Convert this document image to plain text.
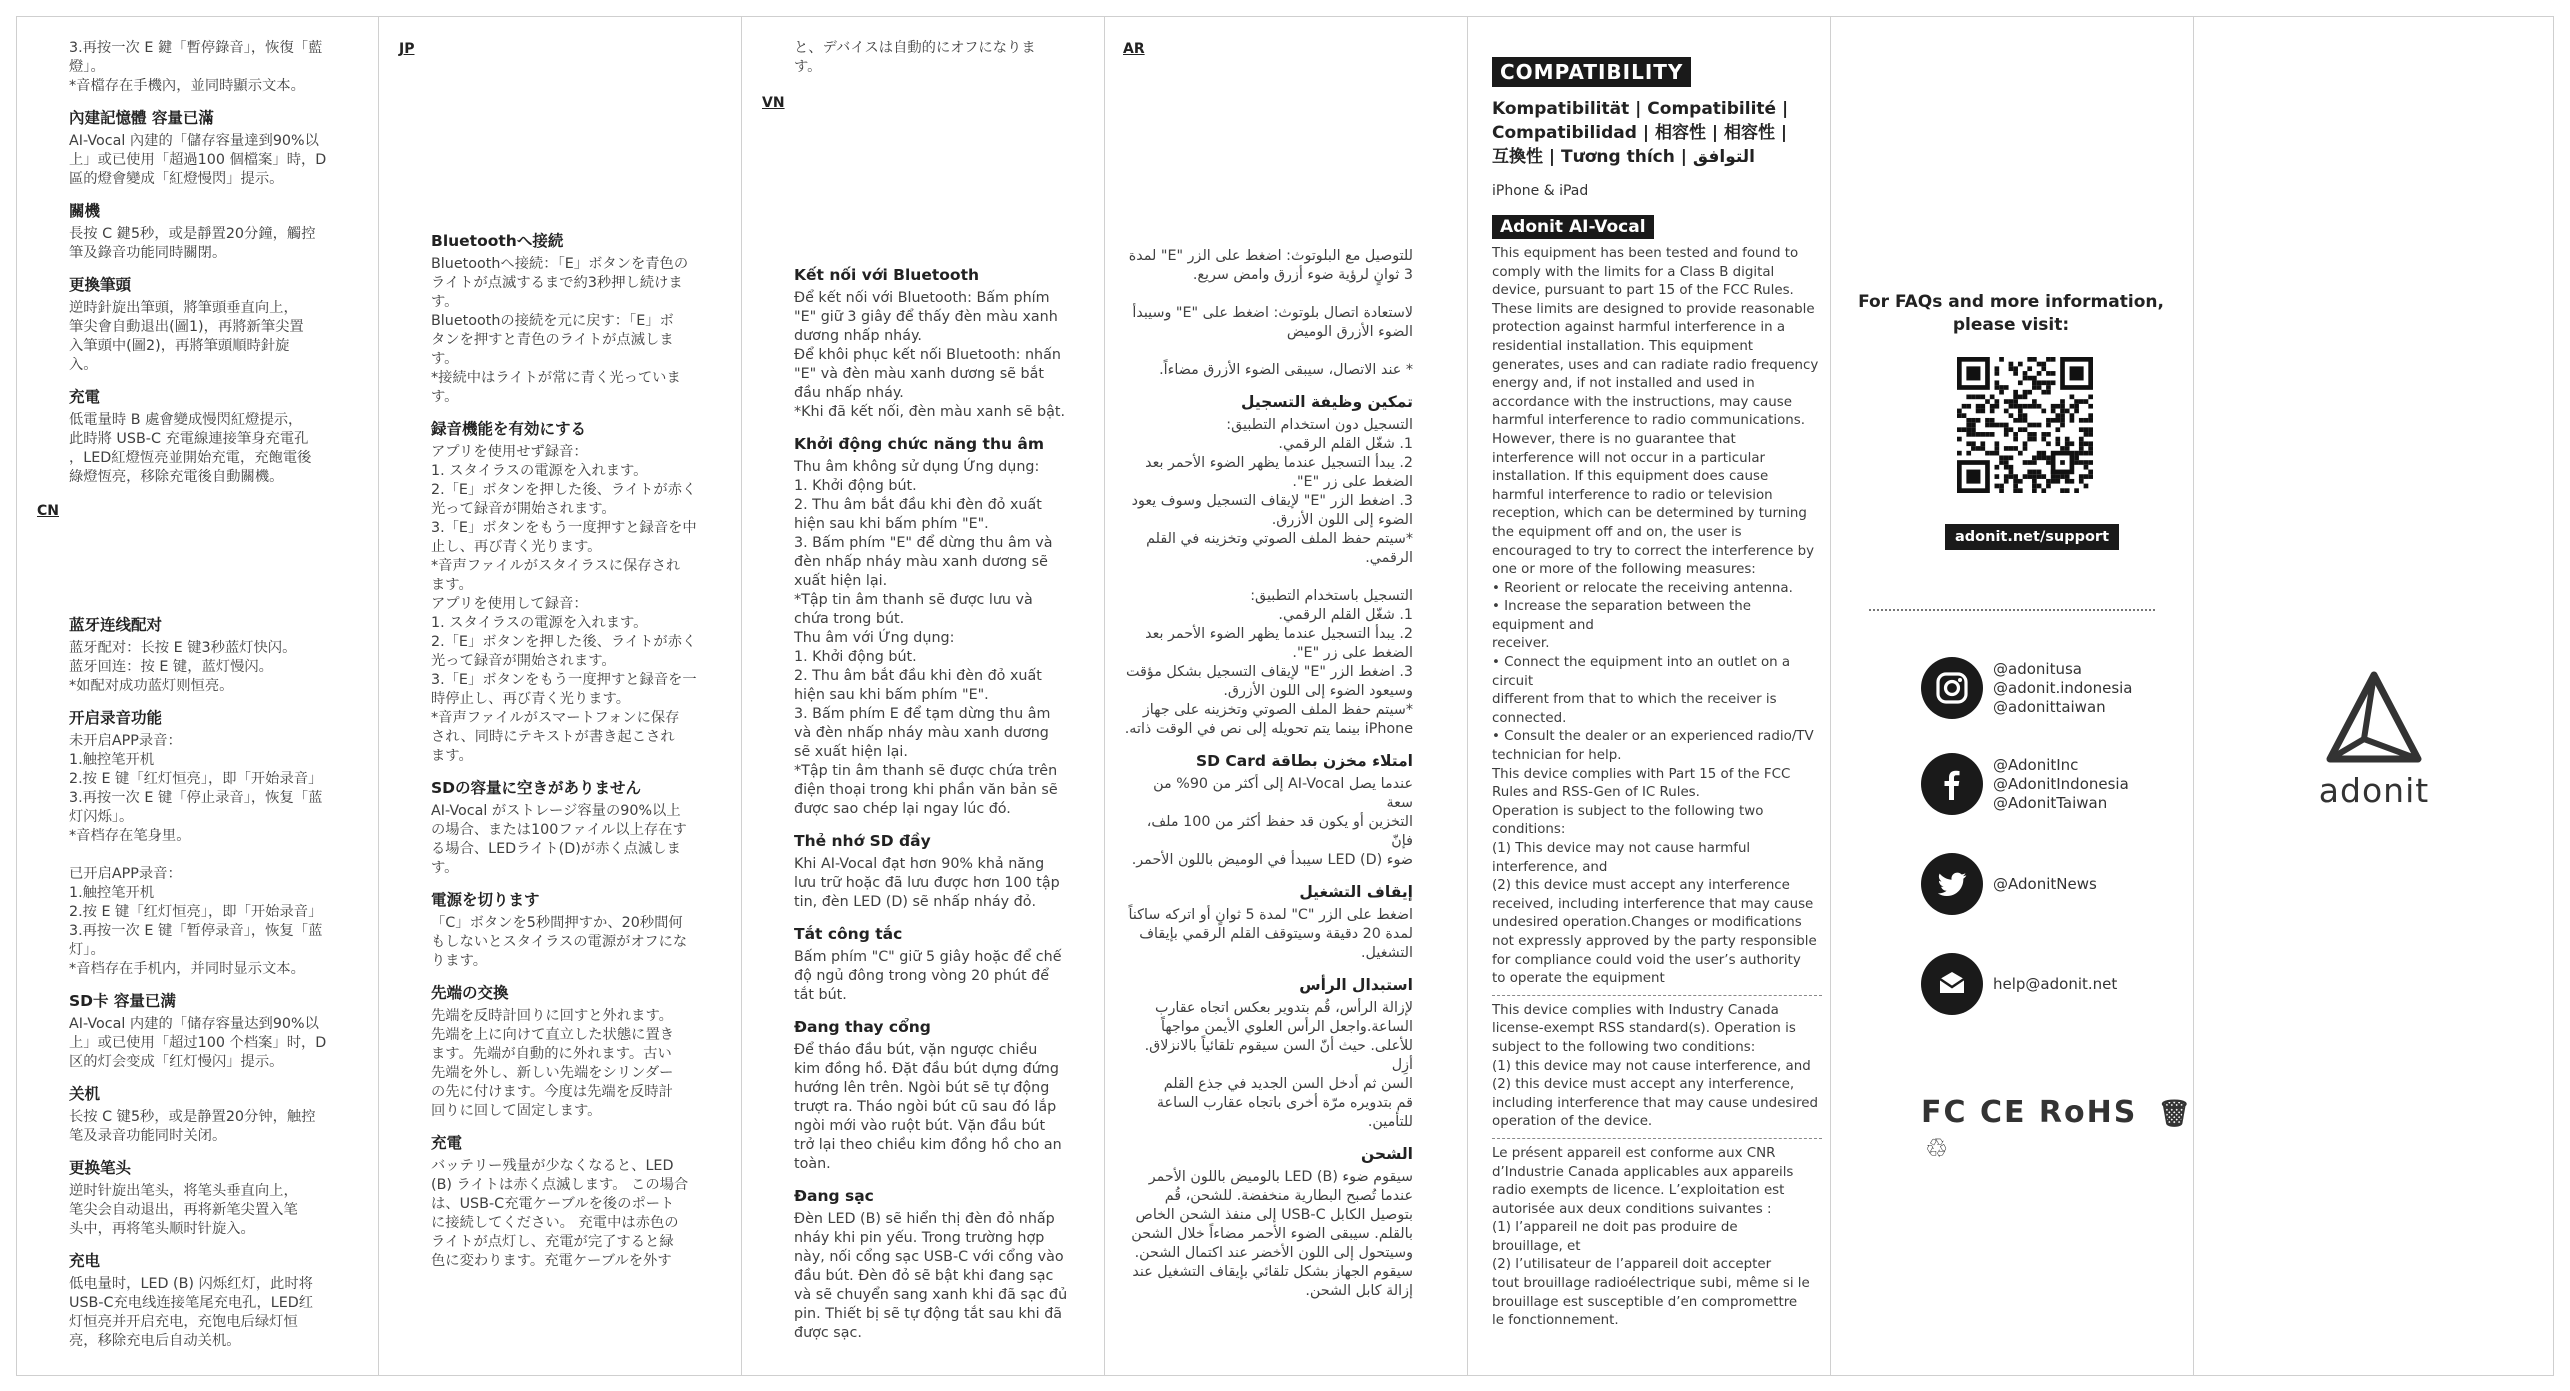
3.再按一次 E 鍵「暫停錄音」，恢復「藍
燈」。
*音檔存在手機內，並同時顯示文本。

內建記憶體 容量已滿

AI-Vocal 內建的「儲存容量達到90%以
上」或已使用「超過100 個檔案」時，D
區的燈會變成「紅燈慢閃」提示。

關機

長按 C 鍵5秒，或是靜置20分鐘，觸控
筆及錄音功能同時關閉。

更換筆頭

逆時針旋出筆頭，將筆頭垂直向上，
筆尖會自動退出(圖1)，再將新筆尖置
入筆頭中(圖2)，再將筆頭順時針旋
入。

充電

低電量時 B 處會變成慢閃紅燈提示，
此時將 USB-C 充電線連接筆身充電孔
，LED紅燈恆亮並開始充電，充飽電後
綠燈恆亮，移除充電後自動關機。

CN
蓝牙连线配对

蓝牙配对：长按 E 键3秒蓝灯快闪。
蓝牙回连：按 E 键，蓝灯慢闪。
*如配对成功蓝灯则恒亮。

开启录音功能

未开启APP录音：
1.触控笔开机
2.按 E 键「红灯恒亮」，即「开始录音」
3.再按一次 E 键「停止录音」，恢复「蓝
灯闪烁」。
*音档存在笔身里。

已开启APP录音：
1.触控笔开机
2.按 E 键「红灯恒亮」，即「开始录音」
3.再按一次 E 键「暂停录音」，恢复「蓝
灯」。
*音档存在手机内，并同时显示文本。

SD卡 容量已满

AI-Vocal 内建的「储存容量达到90%以
上」或已使用「超过100 个档案」时，D
区的灯会变成「红灯慢闪」提示。

关机

长按 C 键5秒，或是静置20分钟，触控
笔及录音功能同时关闭。

更换笔头

逆时针旋出笔头，将笔头垂直向上，
笔尖会自动退出，再将新笔尖置入笔
头中，再将笔头顺时针旋入。

充电

低电量时，LED (B) 闪烁红灯，此时将
USB-C充电线连接笔尾充电孔，LED红
灯恒亮并开启充电，充饱电后绿灯恒
亮，移除充电后自动关机。

JP
Bluetoothへ接続

Bluetoothへ接続：「E」ボタンを青色の
ライトが点滅するまで約3秒押し続けま
す。
Bluetoothの接続を元に戻す：「E」ボ
タンを押すと青色のライトが点滅しま
す。
*接続中はライトが常に青く光っていま
す。

録音機能を有効にする

アプリを使用せず録音：
1. スタイラスの電源を入れます。
2.「E」ボタンを押した後、ライトが赤く
光って録音が開始されます。
3.「E」ボタンをもう一度押すと録音を中
止し、再び青く光ります。
*音声ファイルがスタイラスに保存され
ます。
アプリを使用して録音：
1. スタイラスの電源を入れます。
2.「E」ボタンを押した後、ライトが赤く
光って録音が開始されます。
3.「E」ボタンをもう一度押すと録音を一
時停止し、再び青く光ります。
*音声ファイルがスマートフォンに保存
され、同時にテキストが書き起こされ
ます。

SDの容量に空きがありません

AI-Vocal がストレージ容量の90%以上
の場合、または100ファイル以上存在す
る場合、LEDライト(D)が赤く点滅しま
す。

電源を切ります

「C」ボタンを5秒間押すか、20秒間何
もしないとスタイラスの電源がオフにな
ります。

先端の交換

先端を反時計回りに回すと外れます。
先端を上に向けて直立した状態に置き
ます。先端が自動的に外れます。古い
先端を外し、新しい先端をシリンダー
の先に付けます。今度は先端を反時計
回りに回して固定します。

充電

バッテリー残量が少なくなると、LED
(B) ライトは赤く点滅します。 この場合
は、USB-C充電ケーブルを後のポート
に接続してください。 充電中は赤色の
ライトが点灯し、充電が完了すると緑
色に変わります。充電ケーブルを外す

と、デバイスは自動的にオフになりま
す。

VN
Kết nối với Bluetooth

Để kết nối với Bluetooth: Bấm phím
"E" giữ 3 giây để thấy đèn màu xanh
dương nhấp nháy.
Để khôi phục kết nối Bluetooth: nhấn
"E" và đèn màu xanh dương sẽ bắt
đầu nhấp nháy.
*Khi đã kết nối, đèn màu xanh sẽ bật.

Khởi động chức năng thu âm

Thu âm không sử dụng Ứng dụng:
1. Khởi động bút.
2. Thu âm bắt đầu khi đèn đỏ xuất
hiện sau khi bấm phím "E".
3. Bấm phím "E" để dừng thu âm và
đèn nhấp nháy màu xanh dương sẽ
xuất hiện lại.
*Tập tin âm thanh sẽ được lưu và
chứa trong bút.
Thu âm với Ứng dụng:
1. Khởi động bút.
2. Thu âm bắt đầu khi đèn đỏ xuất
hiện sau khi bấm phím "E".
3. Bấm phím E để tạm dừng thu âm
và đèn nhấp nháy màu xanh dương
sẽ xuất hiện lại.
*Tập tin âm thanh sẽ được chứa trên
điện thoại trong khi phần văn bản sẽ
được sao chép lại ngay lúc đó.

Thẻ nhớ SD đầy

Khi AI-Vocal đạt hơn 90% khả năng
lưu trữ hoặc đã lưu được hơn 100 tập
tin, đèn LED (D) sẽ nhấp nháy đỏ.

Tắt công tắc

Bấm phím "C" giữ 5 giây hoặc để chế
độ ngủ đông trong vòng 20 phút để
tắt bút.

Đang thay cổng

Để tháo đầu bút, vặn ngược chiều
kim đồng hồ. Đặt đầu bút dựng đứng
hướng lên trên. Ngòi bút sẽ tự động
trượt ra. Tháo ngòi bút cũ sau đó lắp
ngòi mới vào ruột bút. Vặn đầu bút
trở lại theo chiều kim đồng hồ cho an
toàn.

Đang sạc

Đèn LED (B) sẽ hiển thị đèn đỏ nhấp
nháy khi pin yếu. Trong trường hợp
này, nối cổng sạc USB-C với cổng vào
đầu bút. Đèn đỏ sẽ bật khi đang sạc
và sẽ chuyển sang xanh khi đã sạc đủ
pin. Thiết bị sẽ tự động tắt sau khi đã
được sạc.

AR

للتوصيل مع البلوتوث: اضغط على الزر "E" لمدة
3 ثوانٍ لرؤية ضوء أزرق وامض سريع.

لاستعادة اتصال بلوتوث: اضغط على "E" وسيبدأ
الضوء الأزرق الوميض

* عند الاتصال، سيبقى الضوء الأزرق مضاءاً.

تمكين وظيفة التسجيل

التسجيل دون استخدام التطبيق:
1. شغّل القلم الرقمي.
2. يبدأ التسجيل عندما يظهر الضوء الأحمر بعد
الضغط على زر "E".
3. اضغط الزر "E" لإيقاف التسجيل وسوف يعود
الضوء إلى اللون الأزرق.
*سيتم حفظ الملف الصوتي وتخزينه في القلم
الرقمي.

التسجيل باستخدام التطبيق:
1. شغّل القلم الرقمي.
2. يبدأ التسجيل عندما يظهر الضوء الأحمر بعد
الضغط على زر "E".
3. اضغط الزر "E" لإيقاف التسجيل بشكل مؤقت
وسيعود الضوء إلى اللون الأزرق.
*سيتم حفظ الملف الصوتي وتخزينه على جهاز
iPhone بينما يتم تحويله إلى نص في الوقت ذاته.

امتلاء مخزن بطاقة SD Card

عندما يصل AI-Vocal إلى أكثر من 90% من سعة
التخزين أو يكون قد حفظ أكثر من 100 ملف، فإنّ
ضوء (LED (D سيبدأ في الوميض باللون الأحمر.

إيقاف التشغيل

اضغط على الزر "C" لمدة 5 ثوانٍ أو اتركه ساكناً
لمدة 20 دقيقة وسيتوقف القلم الرقمي بإيقاف
التشغيل.

استبدال الرأس

لإزالة الرأس، قُم بتدوير بعكس اتجاه عقارب
الساعة.واجعل الرأس العلوي الأيمن مواجهاً
للأعلى. حيث أنّ السن سيقوم تلقائياً بالانزلاق. أزِل
السن ثم أدخل السن الجديد في جذع القلم
قم بتدويره مرّة أخرى باتجاه عقارب الساعة
للتأمين.

الشحن

سيقوم ضوء (LED (B بالوميض باللون الأحمر
عندما تُصبح البطارية منخفضة. للشحن، قُم
بتوصيل الكابل USB-C إلى منفذ الشحن الخاص
بالقلم. سيبقى الضوء الأحمر مضاءاً خلال الشحن
وسيتحول إلى اللون الأخضر عند اكتمال الشحن.
سيقوم الجهاز بشكل تلقائي بإيقاف التشغيل عند
إزالة كابل الشحن.

COMPATIBILITY
Kompatibilität | Compatibilité |
Compatibilidad | 相容性 | 相容性 |
互換性 | Tương thích | التوافق
iPhone & iPad
Adonit AI-Vocal
This equipment has been tested and found to
comply with the limits for a Class B digital
device, pursuant to part 15 of the FCC Rules.
These limits are designed to provide reasonable
protection against harmful interference in a
residential installation. This equipment
generates, uses and can radiate radio frequency
energy and, if not installed and used in
accordance with the instructions, may cause
harmful interference to radio communications.
However, there is no guarantee that
interference will not occur in a particular
installation. If this equipment does cause
harmful interference to radio or television
reception, which can be determined by turning
the equipment off and on, the user is
encouraged to try to correct the interference by
one or more of the following measures:
• Reorient or relocate the receiving antenna.
• Increase the separation between the
equipment and
receiver.
• Connect the equipment into an outlet on a
circuit
different from that to which the receiver is
connected.
• Consult the dealer or an experienced radio/TV
technician for help.
This device complies with Part 15 of the FCC
Rules and RSS-Gen of IC Rules.
Operation is subject to the following two
conditions:
(1) This device may not cause harmful
interference, and
(2) this device must accept any interference
received, including interference that may cause
undesired operation.Changes or modifications
not expressly approved by the party responsible
for compliance could void the user’s authority
to operate the equipment
This device complies with Industry Canada
license-exempt RSS standard(s). Operation is
subject to the following two conditions:
(1) this device may not cause interference, and
(2) this device must accept any interference,
including interference that may cause undesired
operation of the device.
Le présent appareil est conforme aux CNR
d’Industrie Canada applicables aux appareils
radio exempts de licence. L’exploitation est
autorisée aux deux conditions suivantes :
(1) l’appareil ne doit pas produire de
brouillage, et
(2) l’utilisateur de l’appareil doit accepter
tout brouillage radioélectrique subi, même si le
brouillage est susceptible d’en compromettre
le fonctionnement.
For FAQs and more information,
please visit:
adonit.net/support
@adonitusa
@adonit.indonesia
@adonittaiwan
@AdonitInc
@AdonitIndonesia
@AdonitTaiwan
@AdonitNews
help@adonit.net
FC CE RoHS 🗑 ♲
adonit
